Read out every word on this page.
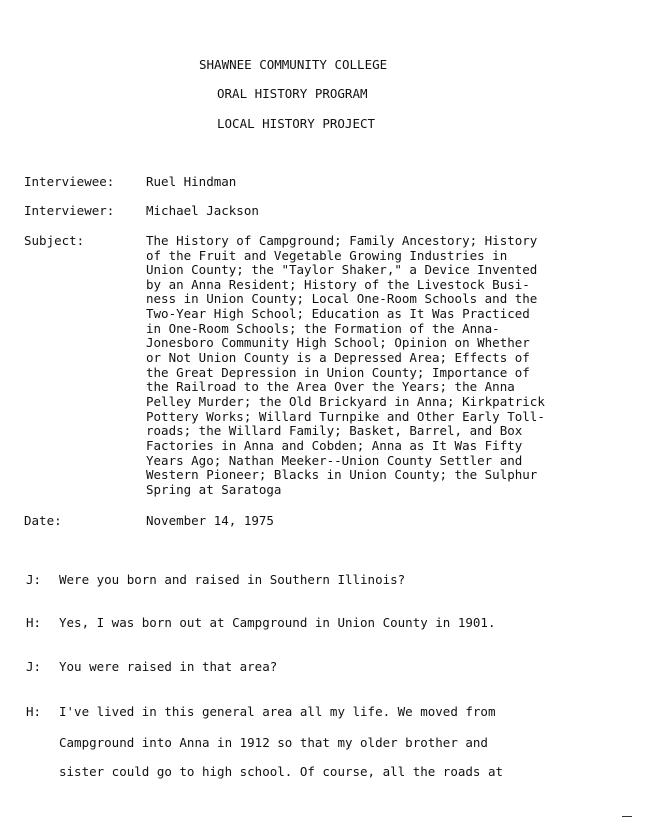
SHAWNEE COMMUNITY COLLEGE
ORAL HISTORY PROGRAM
LOCAL HISTORY PROJECT
Interviewee:	Ruel Hindman
Interviewer:	Michael Jackson
Subject:	The History of Campground; Family Ancestory; History
of the Fruit and Vegetable Growing Industries in
Union County; the "Taylor Shaker," a Device Invented
by an Anna Resident; History of the Livestock Busi-
ness in Union County; Local One-Room Schools and the
Two-Year High School; Education as It Was Practiced
in One-Room Schools; the Formation of the Anna-
Jonesboro Community High School; Opinion on Whether
or Not Union County is a Depressed Area; Effects of
the Great Depression in Union County; Importance of
the Railroad to the Area Over the Years; the Anna
Pelley Murder; the Old Brickyard in Anna; Kirkpatrick
Pottery Works; Willard Turnpike and Other Early Toll-
roads; the Willard Family; Basket, Barrel, and Box
Factories in Anna and Cobden; Anna as It Was Fifty
Years Ago; Nathan Meeker--Union County Settler and
Western Pioneer; Blacks in Union County; the Sulphur
Spring at Saratoga
Date:	November 14, 1975
J: Were you born and raised in Southern Illinois?
H: Yes, I was born out at Campground in Union County in 1901.
J: You were raised in that area?
H: I've lived in this general area all my life. We moved from
Campground into Anna in 1912 so that my older brother and
sister could go to high school. Of course, all the roads at
